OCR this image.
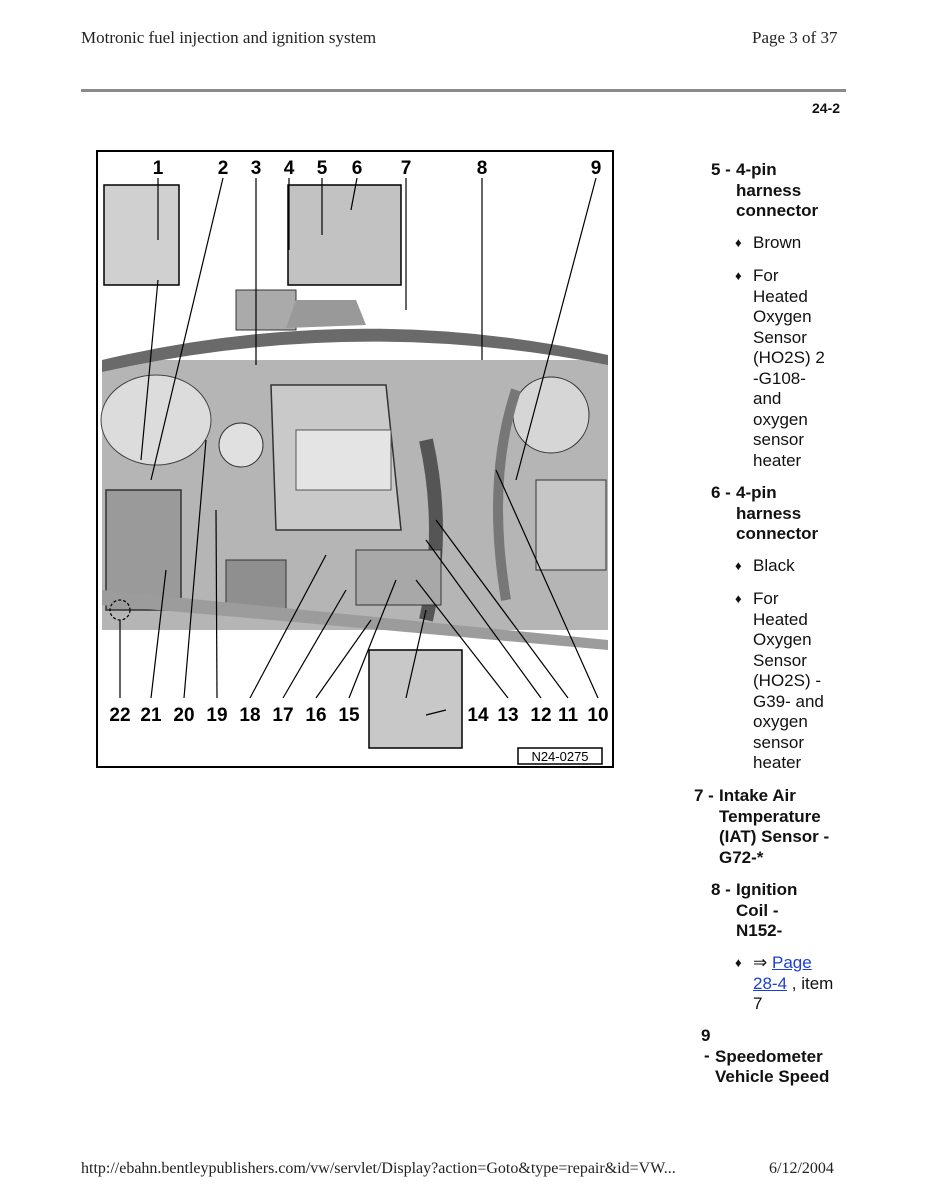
Motronic fuel injection and ignition system	Page 3 of 37
24-2
N24-0275
1	2 3 4 5 6 7	8	9
22 21 20 19 18 17 16 15	14 13 12 11 10
5 - 4-pin harness connector
♦ Brown
♦ For Heated Oxygen Sensor (HO2S) 2 -G108- and oxygen sensor heater
6 - 4-pin harness connector
♦ Black
♦ For Heated Oxygen Sensor (HO2S) -G39- and oxygen sensor heater
7 - Intake Air Temperature (IAT) Sensor -G72-*
8 - Ignition Coil - N152-
♦ ⇒ Page 28-4 , item 7
9
- Speedometer Vehicle Speed
http://ebahn.bentleypublishers.com/vw/servlet/Display?action=Goto&type=repair&id=VW...	6/12/2004
